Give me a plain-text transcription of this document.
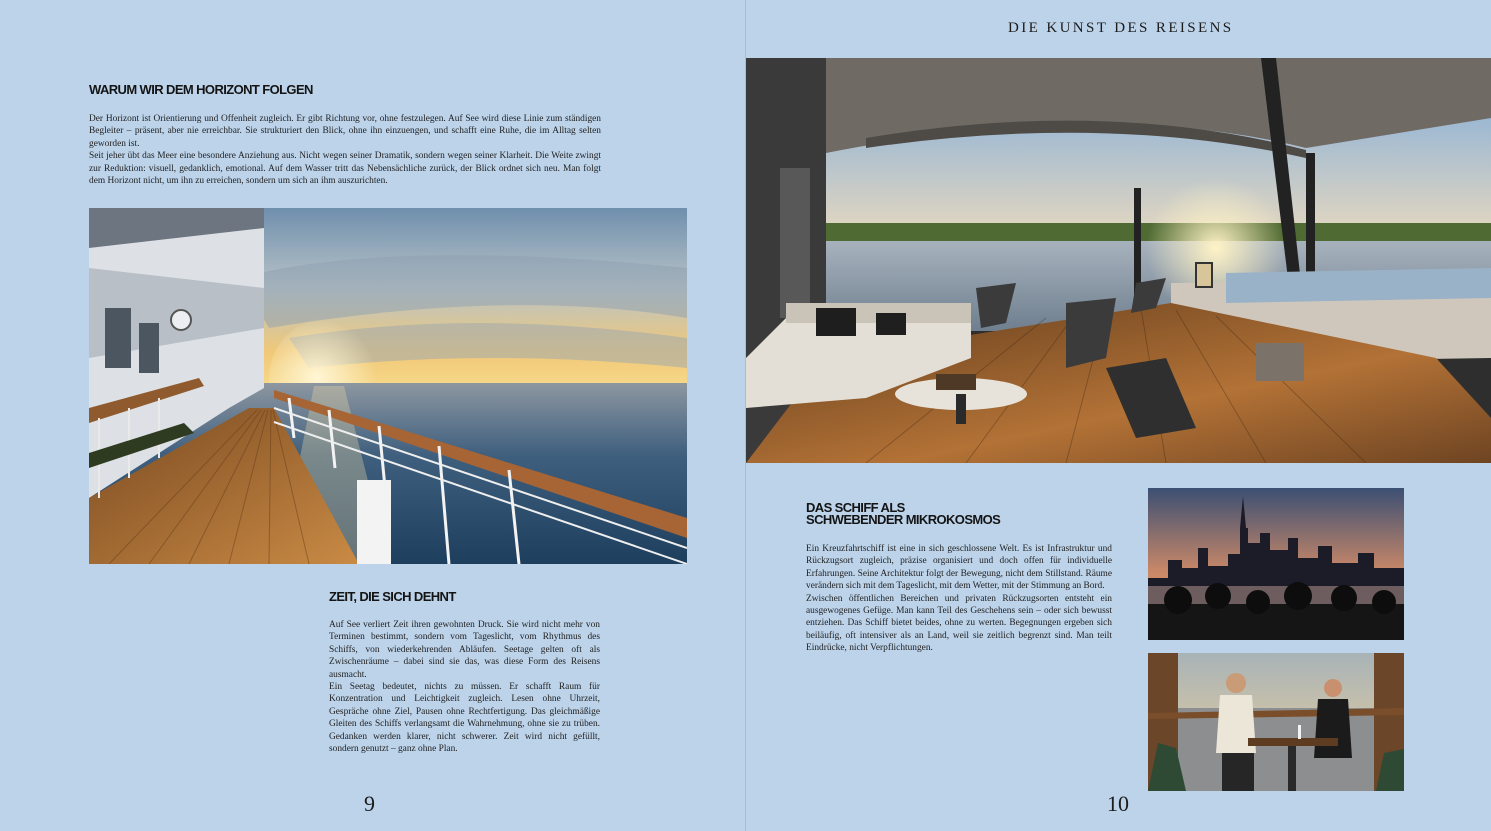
DIE KUNST DES REISENS
WARUM WIR DEM HORIZONT FOLGEN

Der Horizont ist Orientierung und Offenheit zugleich. Er gibt Richtung vor, ohne festzulegen. Auf See wird diese Linie zum ständigen Begleiter – präsent, aber nie erreichbar. Sie strukturiert den Blick, ohne ihn einzuengen, und schafft eine Ruhe, die im Alltag selten geworden ist.

Seit jeher übt das Meer eine besondere Anziehung aus. Nicht wegen seiner Dramatik, sondern wegen seiner Klarheit. Die Weite zwingt zur Reduktion: visuell, gedanklich, emotional. Auf dem Wasser tritt das Nebensächliche zurück, der Blick ordnet sich neu. Man folgt dem Horizont nicht, um ihn zu erreichen, sondern um sich an ihm auszurichten.

ZEIT, DIE SICH DEHNT

Auf See verliert Zeit ihren gewohnten Druck. Sie wird nicht mehr von Terminen bestimmt, sondern vom Tageslicht, vom Rhythmus des Schiffs, von wiederkehrenden Abläufen. Seetage gelten oft als Zwischenräume – dabei sind sie das, was diese Form des Reisens ausmacht.

Ein Seetag bedeutet, nichts zu müssen. Er schafft Raum für Konzentration und Leichtigkeit zugleich. Lesen ohne Uhrzeit, Gespräche ohne Ziel, Pausen ohne Rechtfertigung. Das gleichmäßige Gleiten des Schiffs verlangsamt die Wahrnehmung, ohne sie zu trüben. Gedanken werden klarer, nicht schwerer. Zeit wird nicht gefüllt, sondern genutzt – ganz ohne Plan.

9
DAS SCHIFF ALS
SCHWEBENDER MIKROKOSMOS

Ein Kreuzfahrtschiff ist eine in sich geschlossene Welt. Es ist Infrastruktur und Rückzugsort zugleich, präzise organisiert und doch offen für individuelle Erfahrungen. Seine Architektur folgt der Bewegung, nicht dem Stillstand. Räume verändern sich mit dem Tageslicht, mit dem Wetter, mit der Stimmung an Bord.

Zwischen öffentlichen Bereichen und privaten Rückzugsorten entsteht ein ausgewogenes Gefüge. Man kann Teil des Geschehens sein – oder sich bewusst entziehen. Das Schiff bietet beides, ohne zu werten. Begegnungen ergeben sich beiläufig, oft intensiver als an Land, weil sie zeitlich begrenzt sind. Man teilt Eindrücke, nicht Verpflichtungen.

10
